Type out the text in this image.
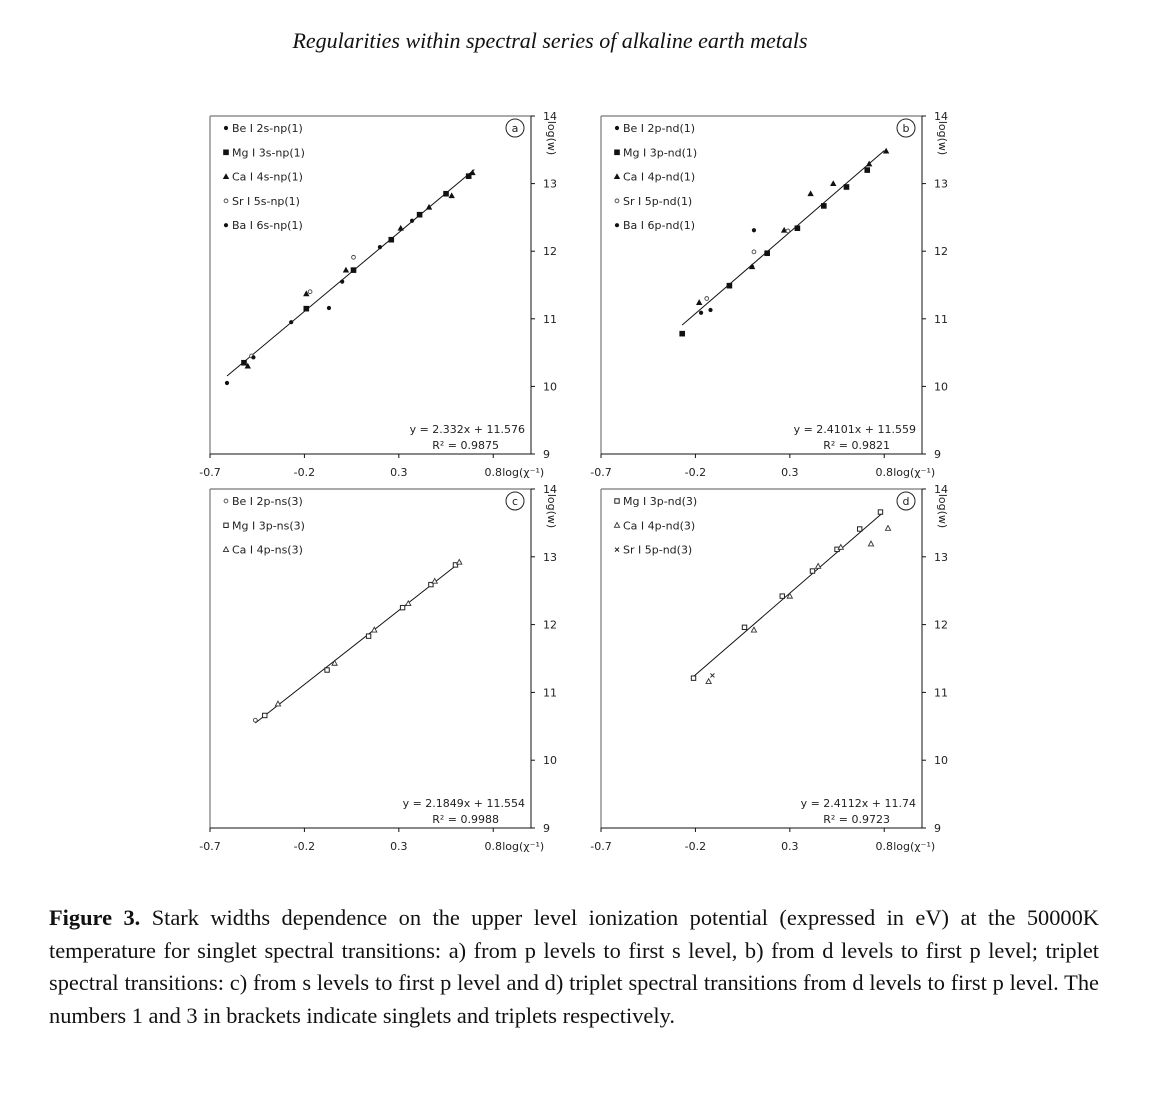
Regularities within spectral series of alkaline earth metals
-0.7	-0.2	0.3	0.8 log(χ⁻¹)
9
10
11
12
13
14
log(w)
a
Be I 2s-np(1)
Mg I 3s-np(1)
Ca I 4s-np(1)
Sr I 5s-np(1)
Ba I 6s-np(1)
y = 2.332x + 11.576
R² = 0.9875
-0.7	-0.2	0.3	0.8 log(χ⁻¹)
9
10
11
12
13
14
log(w)
b
Be I 2p-nd(1)
Mg I 3p-nd(1)
Ca I 4p-nd(1)
Sr I 5p-nd(1)
Ba I 6p-nd(1)
y = 2.4101x + 11.559
R² = 0.9821
-0.7	-0.2	0.3	0.8 log(χ⁻¹)
9
10
11
12
13
14
log(w)
c
Be I 2p-ns(3)
Mg I 3p-ns(3)
Ca I 4p-ns(3)
y = 2.1849x + 11.554
R² = 0.9988
-0.7	-0.2	0.3	0.8 log(χ⁻¹)
9
10
11
12
13
14
log(w)
d
Mg I 3p-nd(3)
Ca I 4p-nd(3)
Sr I 5p-nd(3)
y = 2.4112x + 11.74
R² = 0.9723
Figure 3. Stark widths dependence on the upper level ionization potential (expressed in eV) at the 50000K temperature for singlet spectral transitions: a) from p levels to first s level, b) from d levels to first p level; triplet spectral transitions: c) from s levels to first p level and d) triplet spectral transitions from d levels to first p level. The numbers 1 and 3 in brackets indicate singlets and triplets respectively.
